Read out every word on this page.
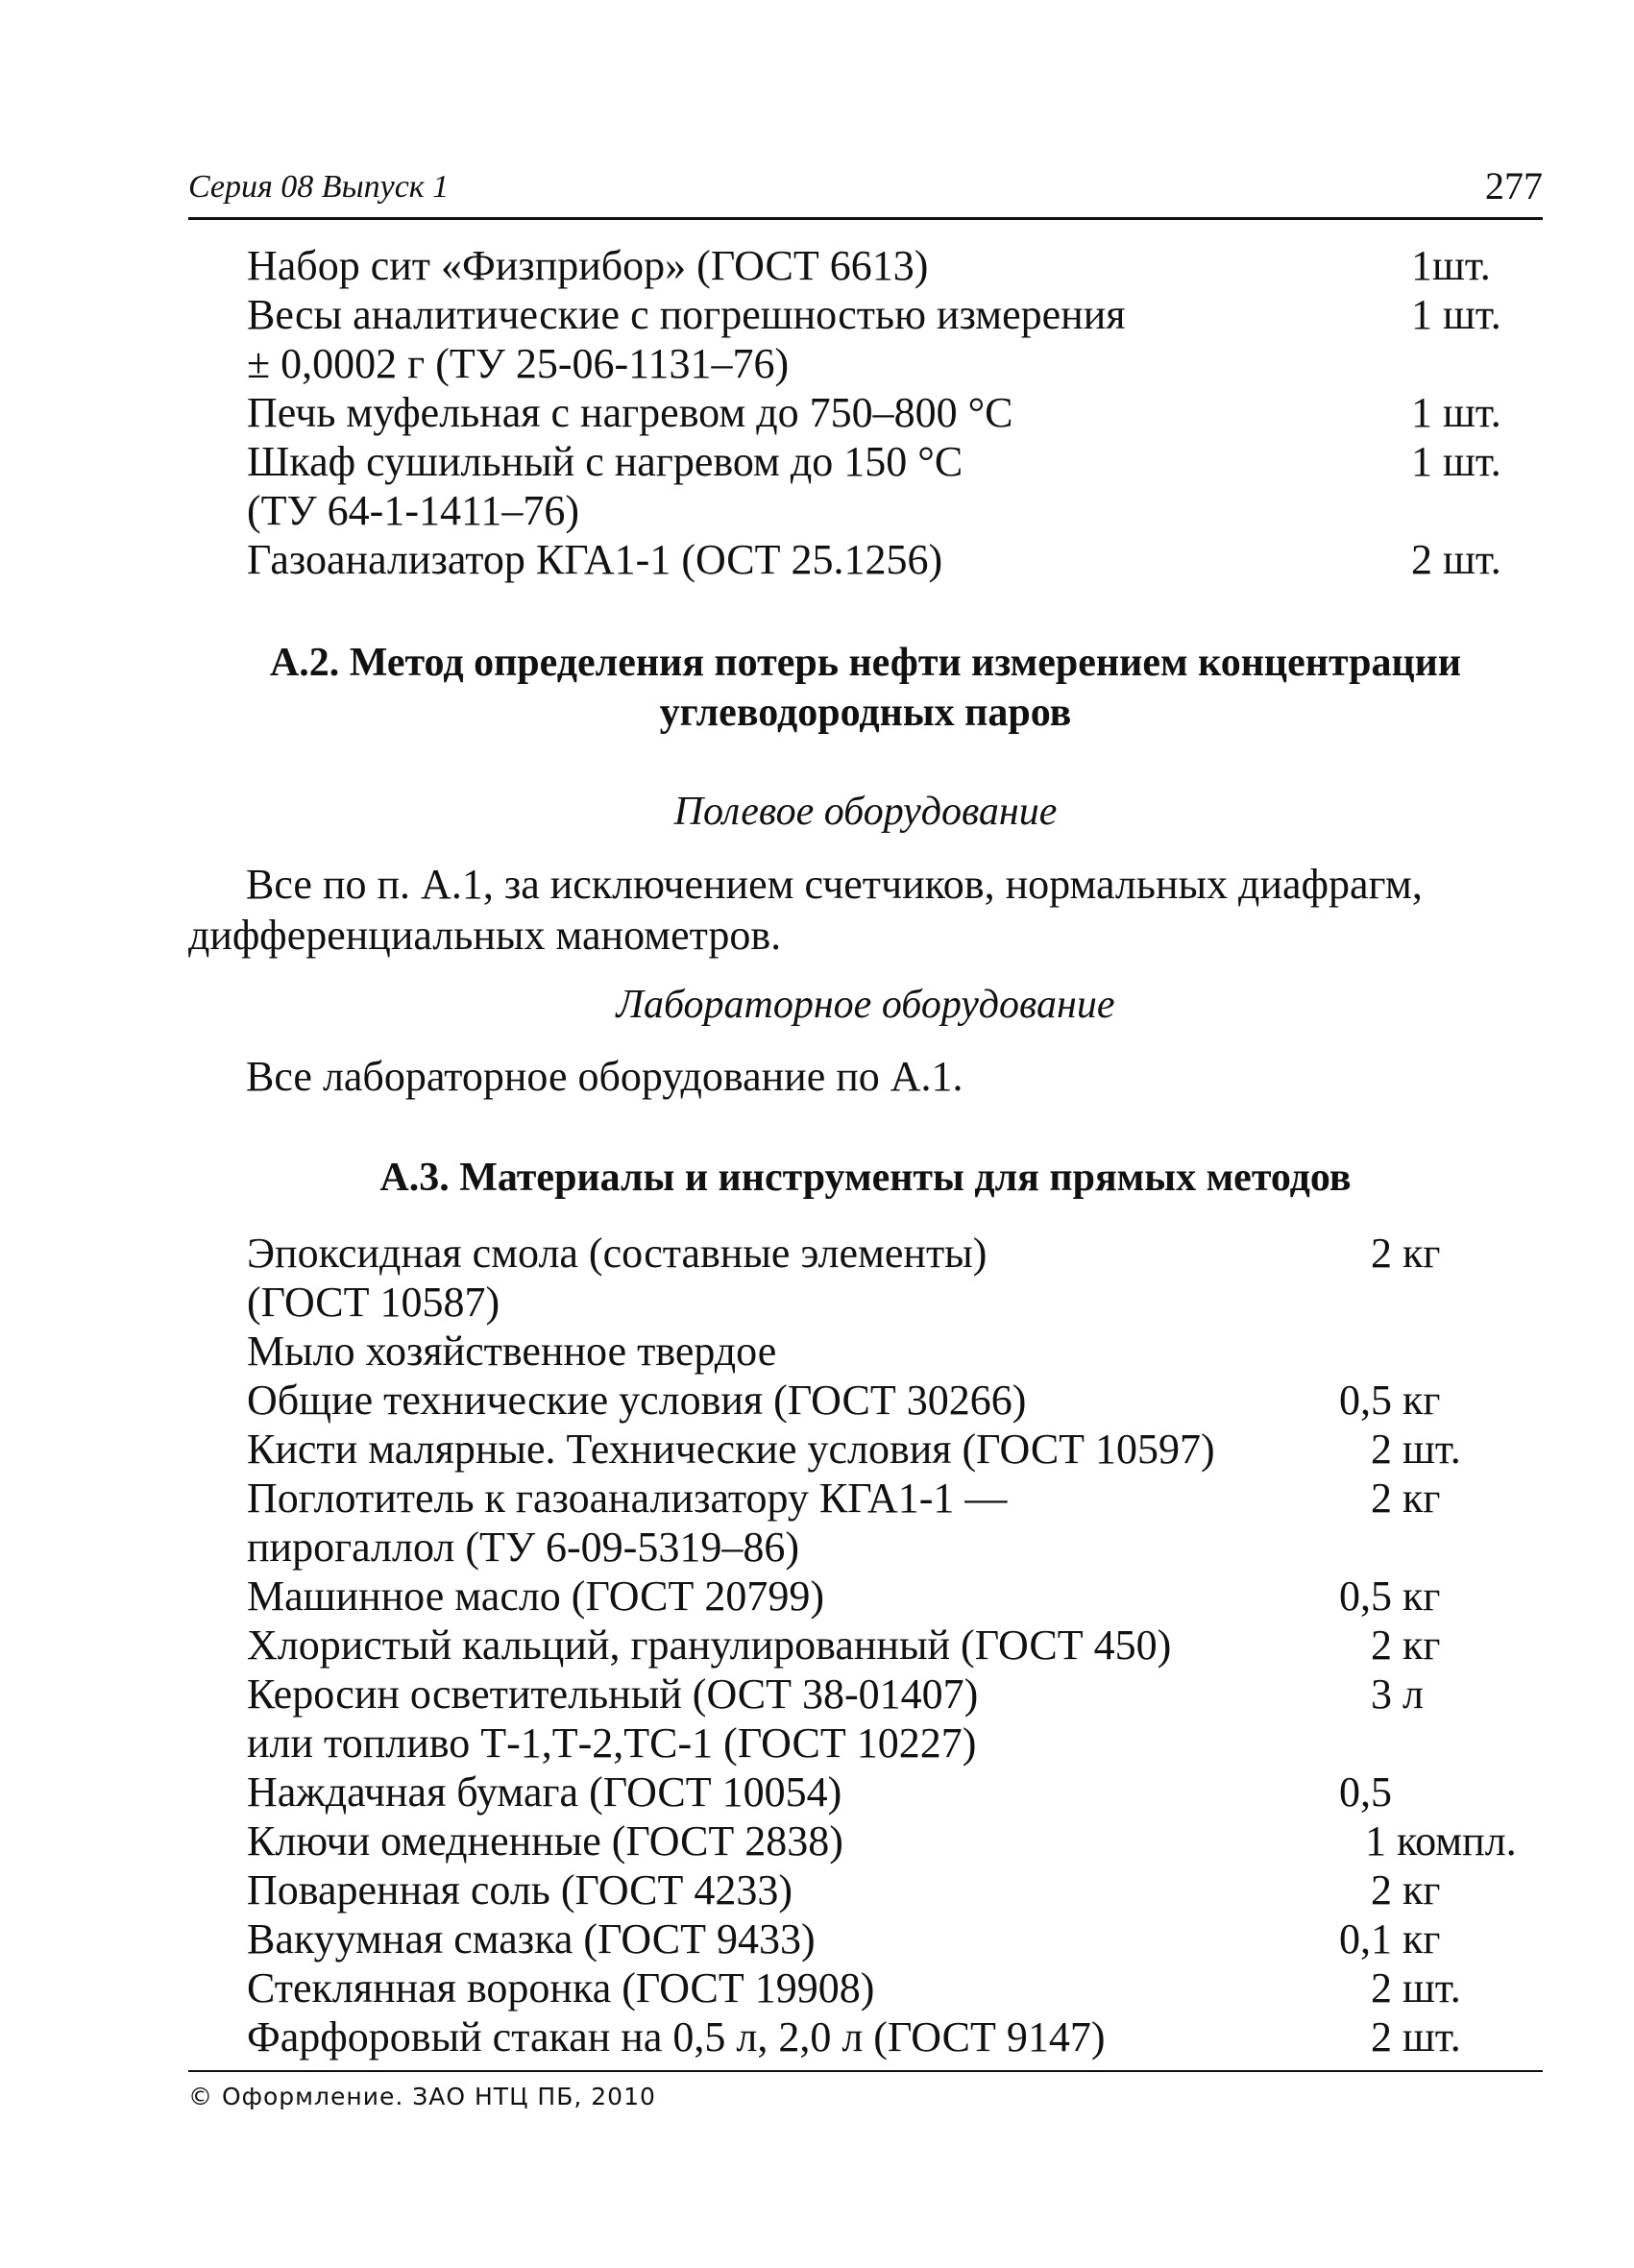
Серия 08 Выпуск 1	277
Набор сит «Физприбор» (ГОСТ 6613)	1шт.
Весы аналитические с погрешностью измерения	1 шт.
± 0,0002 г (ТУ 25-06-1131–76)
Печь муфельная с нагревом до 750–800 °С	1 шт.
Шкаф сушильный с нагревом до 150 °С	1 шт.
(ТУ 64-1-1411–76)
Газоанализатор КГА1-1 (ОСТ 25.1256)	2 шт.
А.2. Метод определения потерь нефти измерением концентрации
углеводородных паров
Полевое оборудование
Все по п. А.1, за исключением счетчиков, нормальных диафрагм,
дифференциальных манометров.
Лабораторное оборудование
Все лабораторное оборудование по А.1.
А.3. Материалы и инструменты для прямых методов
Эпоксидная смола (составные элементы)	2 кг
(ГОСТ 10587)
Мыло хозяйственное твердое
Общие технические условия (ГОСТ 30266)	0,5 кг
Кисти малярные. Технические условия (ГОСТ 10597)	2 шт.
Поглотитель к газоанализатору КГА1-1 —	2 кг
пирогаллол (ТУ 6-09-5319–86)
Машинное масло (ГОСТ 20799)	0,5 кг
Хлористый кальций, гранулированный (ГОСТ 450)	2 кг
Керосин осветительный (ОСТ 38-01407)	3 л
или топливо Т-1,Т-2,ТС-1 (ГОСТ 10227)
Наждачная бумага (ГОСТ 10054)	0,5
Ключи омедненные (ГОСТ 2838)	1 компл.
Поваренная соль (ГОСТ 4233)	2 кг
Вакуумная смазка (ГОСТ 9433)	0,1 кг
Стеклянная воронка (ГОСТ 19908)	2 шт.
Фарфоровый стакан на 0,5 л, 2,0 л (ГОСТ 9147)	2 шт.
© Оформление. ЗАО НТЦ ПБ, 2010
